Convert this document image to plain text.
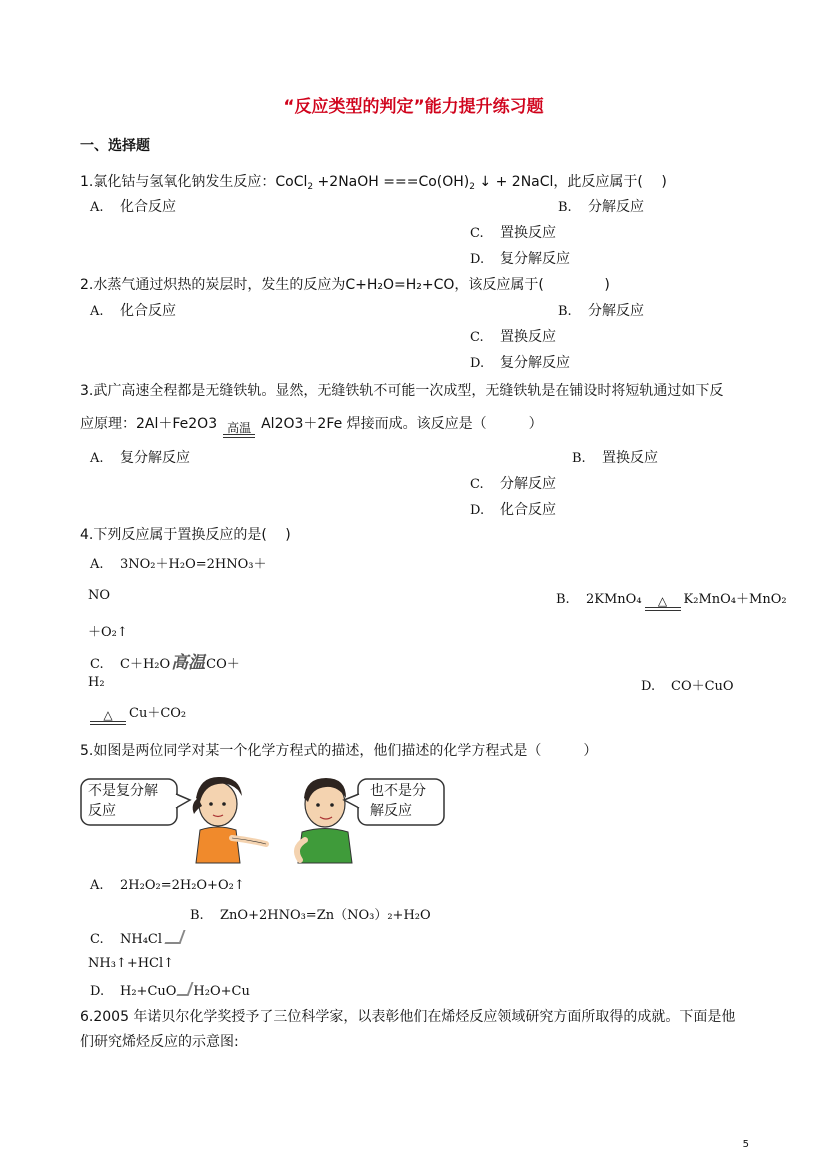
“反应类型的判定”能力提升练习题
一、选择题
1.氯化钴与氢氧化钠发生反应：CoCl$_2$ +2NaOH $===Co(OH)_2$ ↓ + 2NaCl，此反应属于(　 )
A. 化合反应	B. 分解反应
C. 置换反应
D. 复分解反应
2.水蒸气通过炽热的炭层时，发生的反应为C+H₂O=H₂+CO，该反应属于(　　　　 )
A. 化合反应	B. 分解反应
C. 置换反应
D. 复分解反应
3.武广高速全程都是无缝铁轨。显然，无缝铁轨不可能一次成型，无缝铁轨是在铺设时将短轨通过如下反
应原理：2Al＋Fe2O3 高温 Al2O3＋2Fe 焊接而成。该反应是（　　　）
A. 复分解反应	B. 置换反应
C. 分解反应
D. 化合反应
4.下列反应属于置换反应的是(　 )
A. 3NO₂＋H₂O=2HNO₃＋
NO	B. 2KMnO₄	△	K₂MnO₄＋MnO₂
＋O₂↑
C. C＋H₂O高温CO＋
H₂	D. CO＋CuO
△	Cu＋CO₂
5.如图是两位同学对某一个化学方程式的描述，他们描述的化学方程式是（　　　）
不是复分解
反应
也不是分
解反应
A. 2H₂O₂=2H₂O+O₂↑
B. ZnO+2HNO₃=Zn（NO₃）₂+H₂O
C. NH₄Cl
NH₃↑+HCl↑
D. H₂+CuO H₂O+Cu
6.2005 年诺贝尔化学奖授予了三位科学家，以表彰他们在烯烃反应领域研究方面所取得的成就。下面是他
们研究烯烃反应的示意图:
5
